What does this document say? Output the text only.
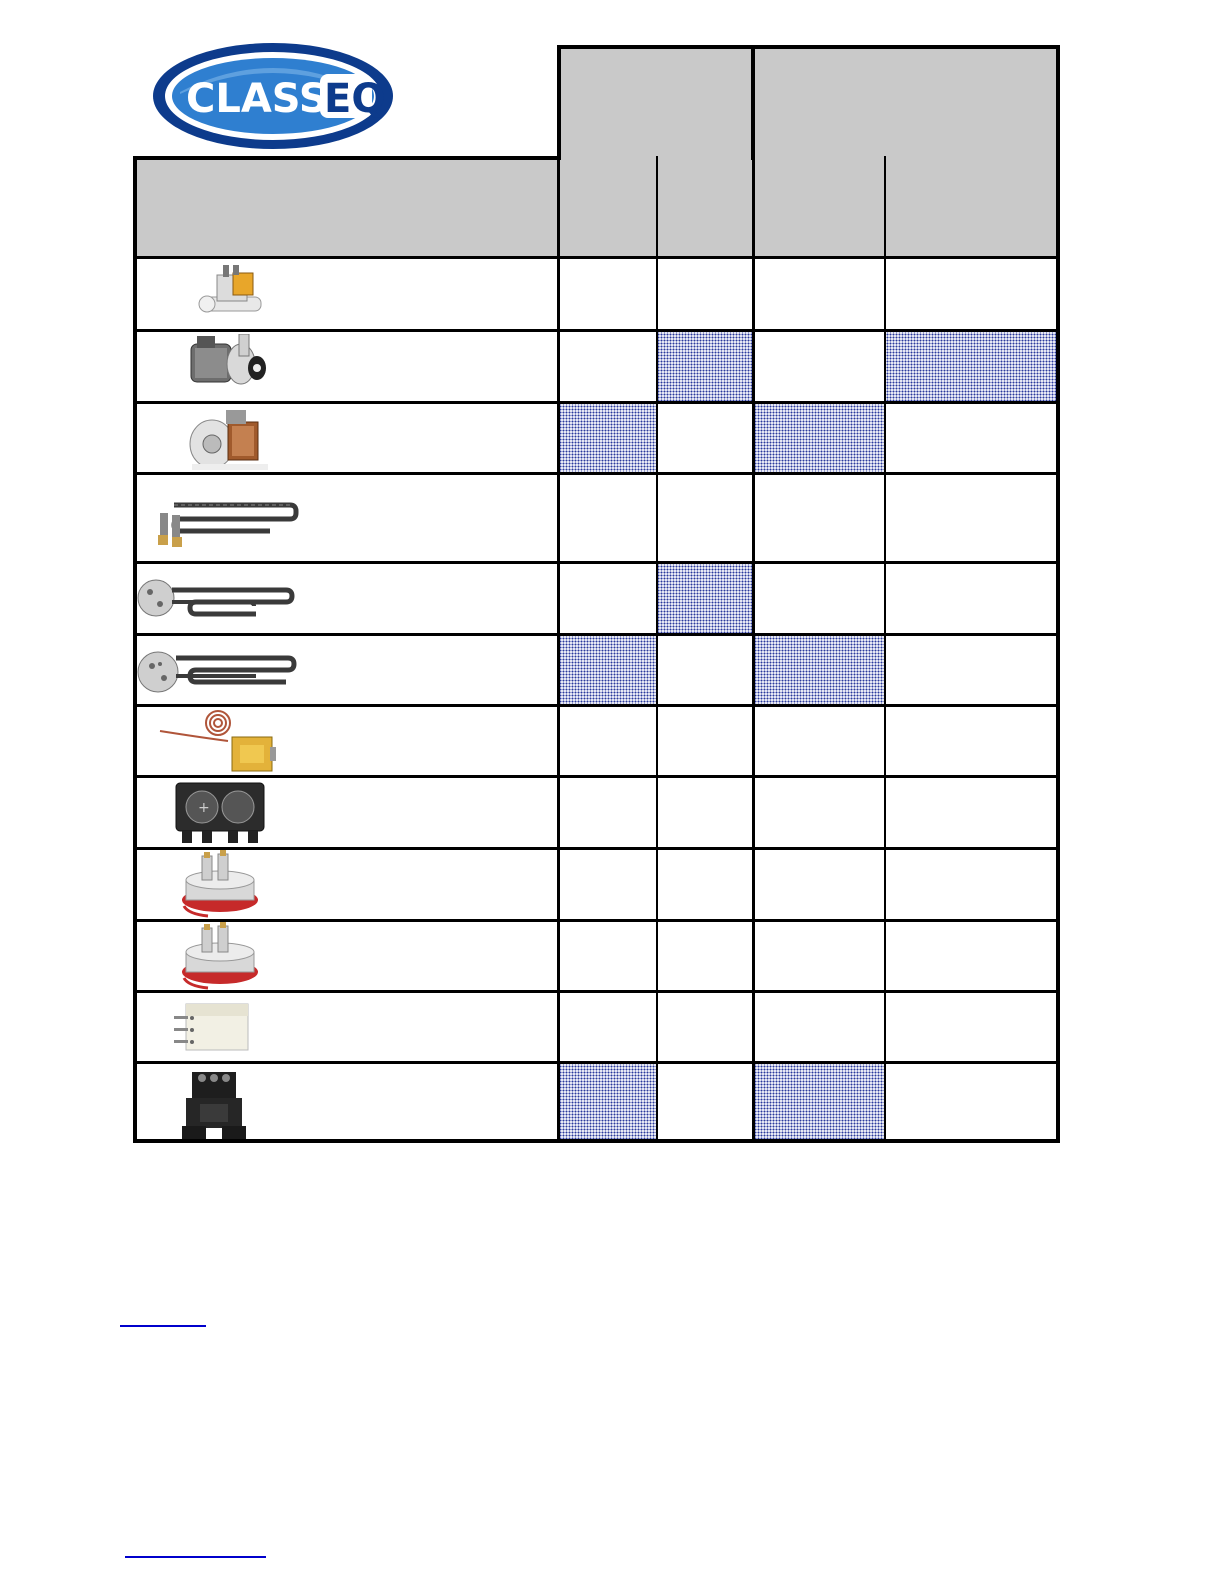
CLASS
EQ
+
